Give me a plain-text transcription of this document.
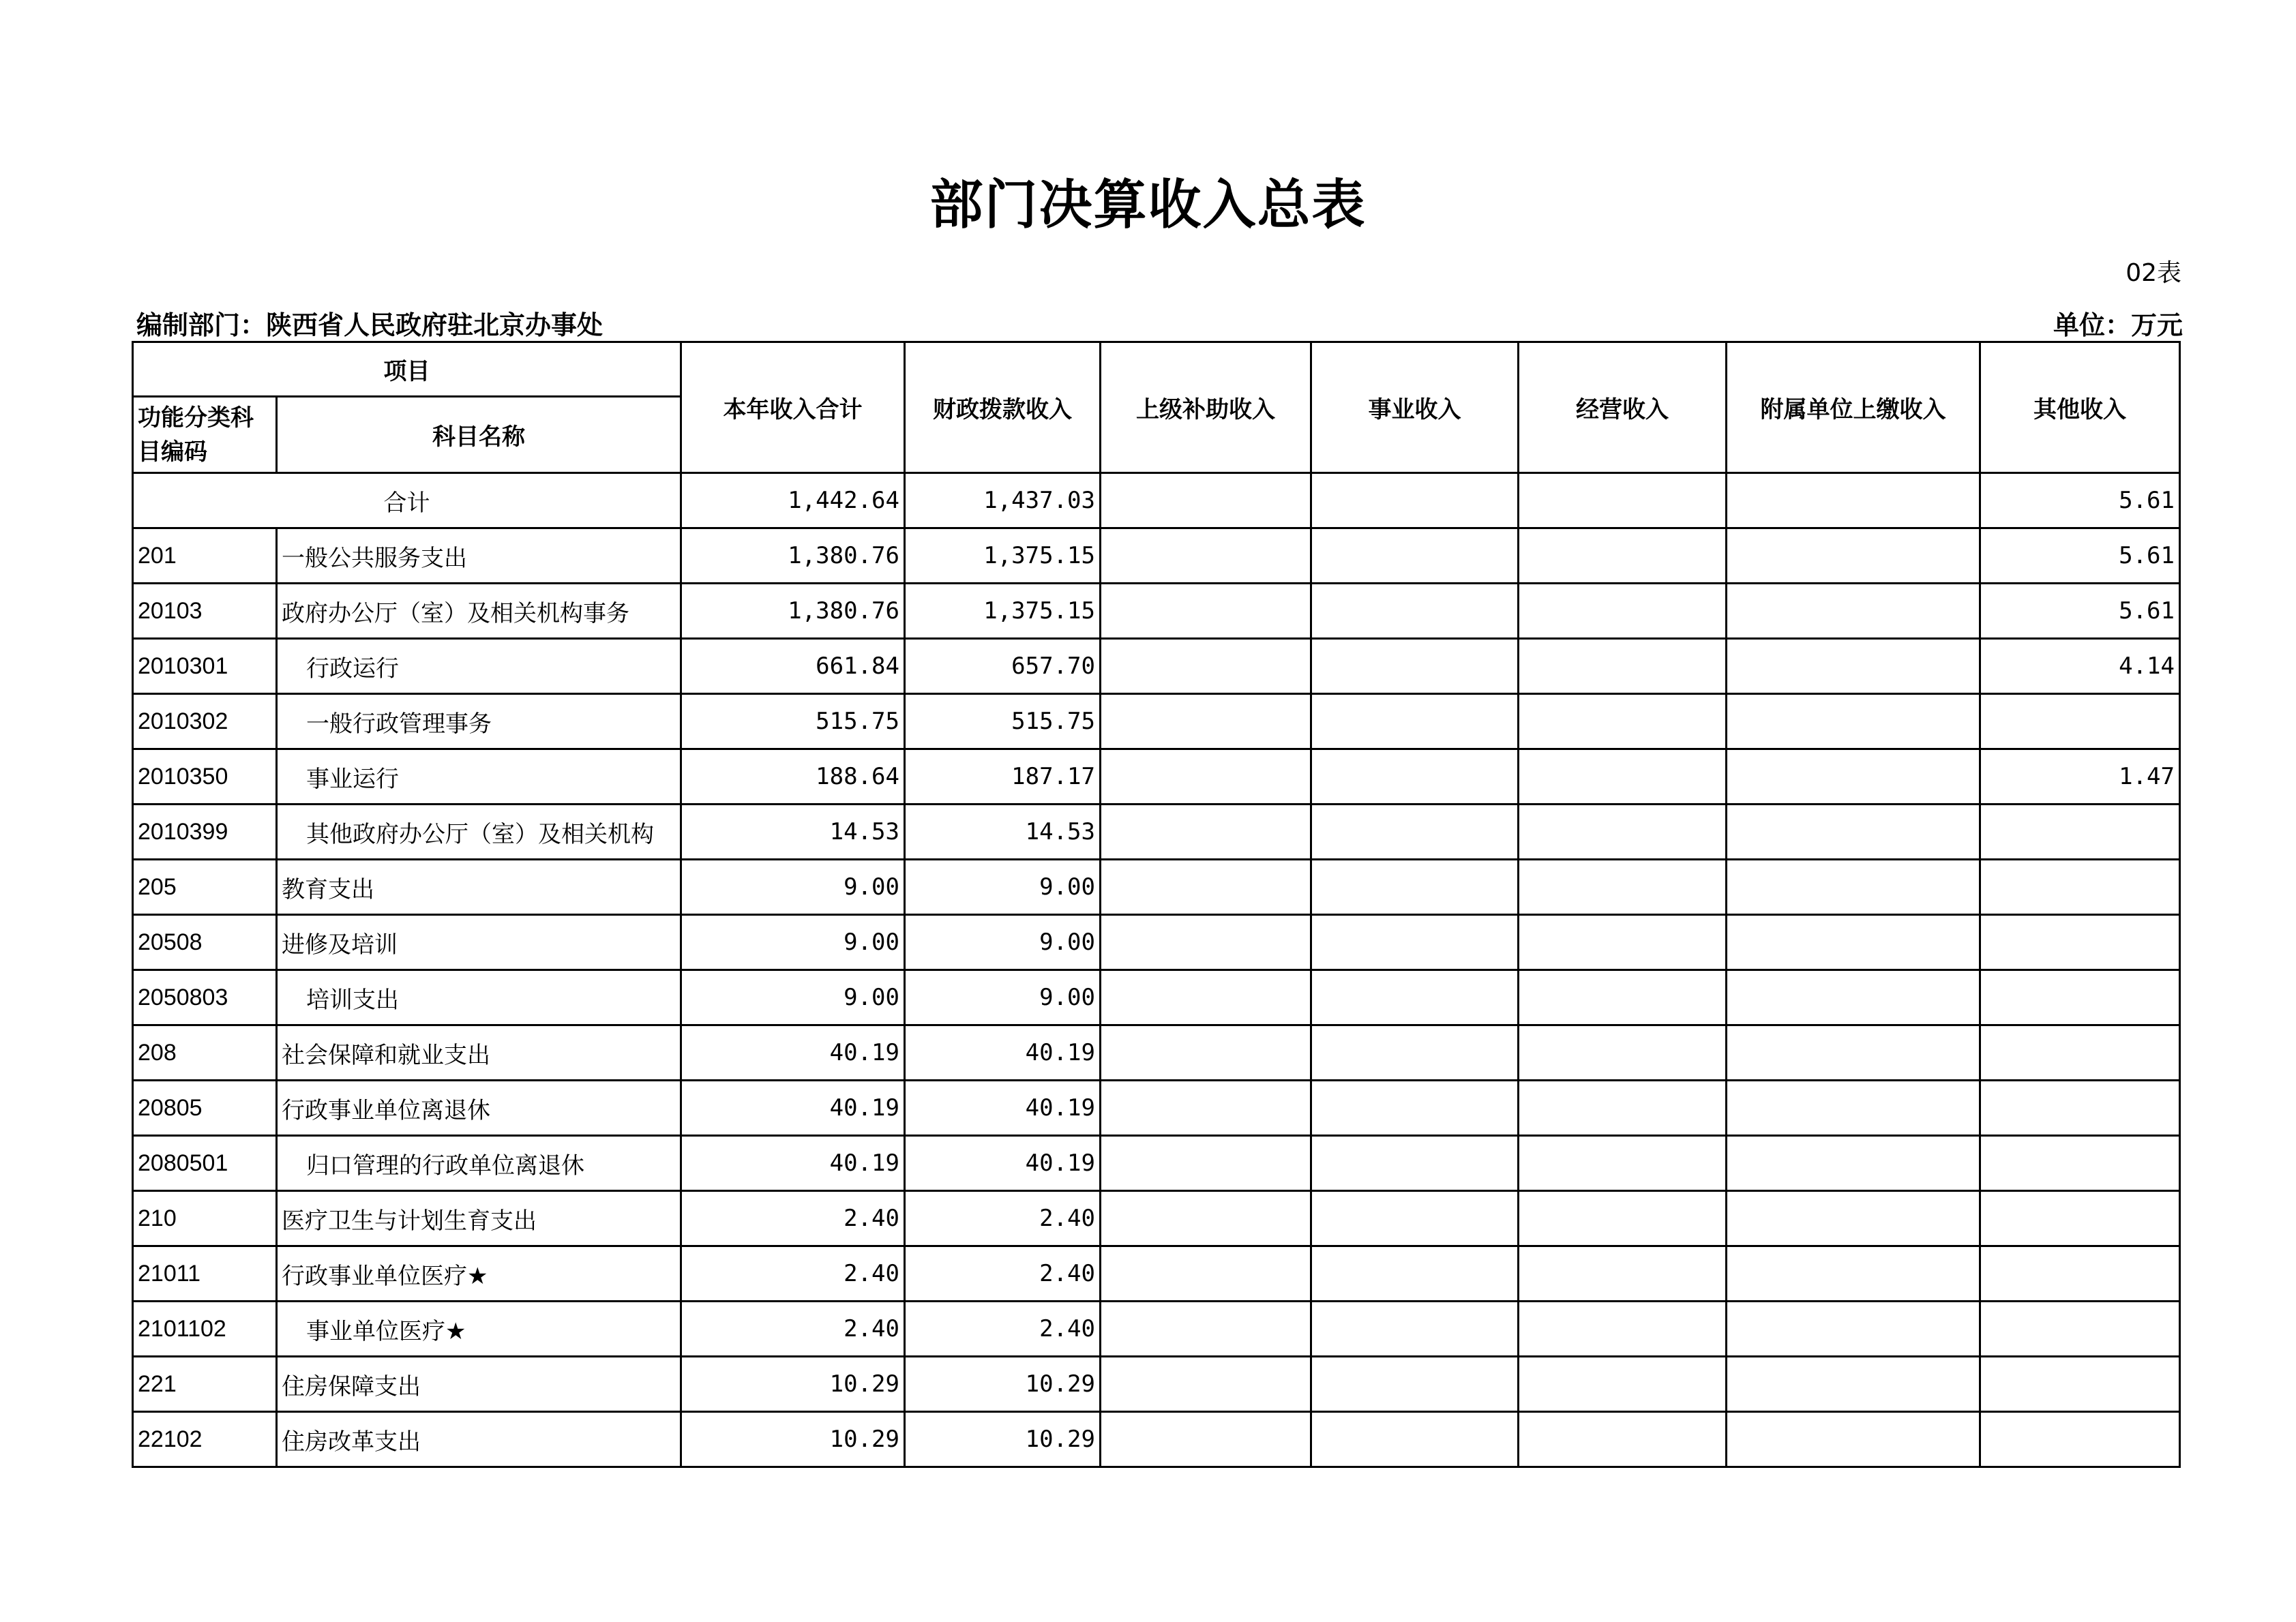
部门决算收入总表
02表
编制部门：陕西省人民政府驻北京办事处	单位：万元
项目		本年收入合计	财政拨款收入	上级补助收入	事业收入	经营收入	附属单位上缴收入	其他收入
功能分类科目编码	科目名称							
合计		1,442.64	1,437.03					5.61
201	一般公共服务支出	1,380.76	1,375.15					5.61
20103	政府办公厅（室）及相关机构事务	1,380.76	1,375.15					5.61
2010301	行政运行	661.84	657.70					4.14
2010302	一般行政管理事务	515.75	515.75					
2010350	事业运行	188.64	187.17					1.47
2010399	其他政府办公厅（室）及相关机构	14.53	14.53					
205	教育支出	9.00	9.00					
20508	进修及培训	9.00	9.00					
2050803	培训支出	9.00	9.00					
208	社会保障和就业支出	40.19	40.19					
20805	行政事业单位离退休	40.19	40.19					
2080501	归口管理的行政单位离退休	40.19	40.19					
210	医疗卫生与计划生育支出	2.40	2.40					
21011	行政事业单位医疗★	2.40	2.40					
2101102	事业单位医疗★	2.40	2.40					
221	住房保障支出	10.29	10.29					
22102	住房改革支出	10.29	10.29					
